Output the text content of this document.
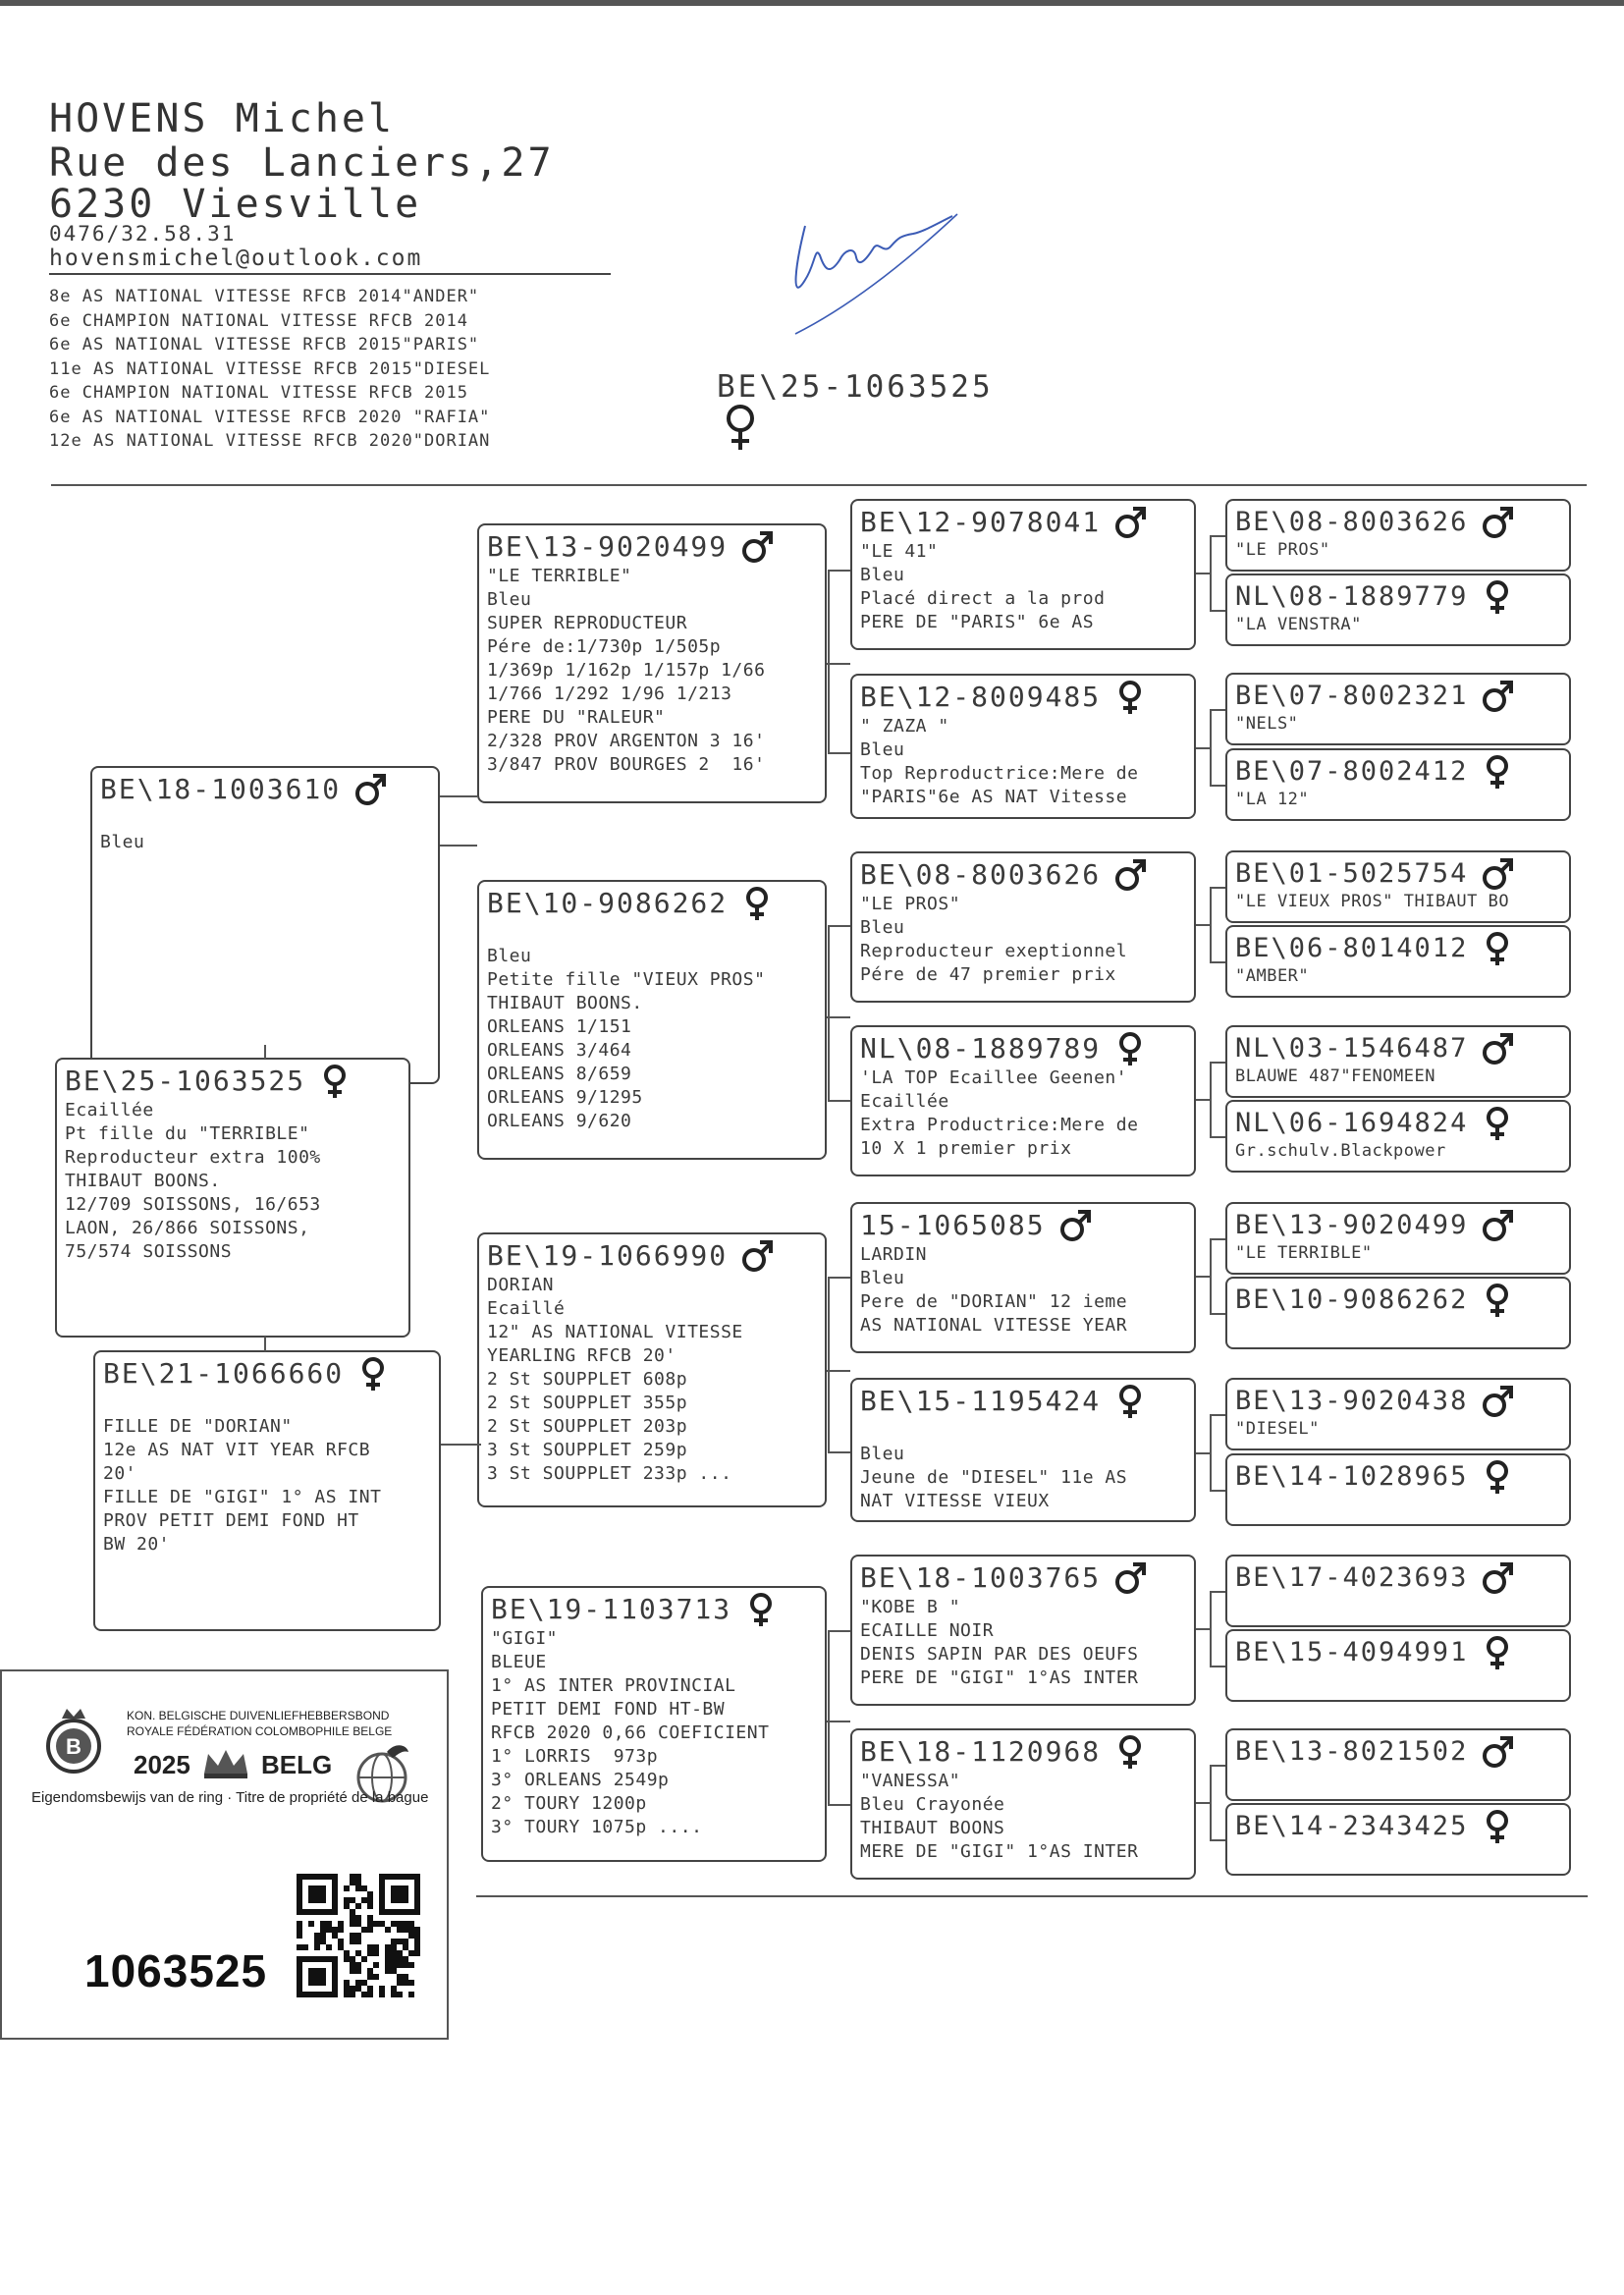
HOVENS Michel
Rue des Lanciers,27
6230 Viesville
0476/32.58.31
hovensmichel@outlook.com
8e AS NATIONAL VITESSE RFCB 2014"ANDER"
6e CHAMPION NATIONAL VITESSE RFCB 2014
6e AS NATIONAL VITESSE RFCB 2015"PARIS"
11e AS NATIONAL VITESSE RFCB 2015"DIESEL
6e CHAMPION NATIONAL VITESSE RFCB 2015
6e AS NATIONAL VITESSE RFCB 2020 "RAFIA"
12e AS NATIONAL VITESSE RFCB 2020"DORIAN
BE\25-1063525
BE\18-1003610

Bleu
BE\25-1063525
Ecaillée
Pt fille du "TERRIBLE"
Reproducteur extra 100%
THIBAUT BOONS.
12/709 SOISSONS, 16/653
LAON, 26/866 SOISSONS,
75/574 SOISSONS
BE\21-1066660

FILLE DE "DORIAN"
12e AS NAT VIT YEAR RFCB
20'
FILLE DE "GIGI" 1° AS INT
PROV PETIT DEMI FOND HT
BW 20'
BE\13-9020499
"LE TERRIBLE"
Bleu
SUPER REPRODUCTEUR
Pére de:1/730p 1/505p
1/369p 1/162p 1/157p 1/66
1/766 1/292 1/96 1/213
PERE DU "RALEUR"
2/328 PROV ARGENTON 3 16'
3/847 PROV BOURGES 2  16'
BE\10-9086262

Bleu
Petite fille "VIEUX PROS"
THIBAUT BOONS.
ORLEANS 1/151
ORLEANS 3/464
ORLEANS 8/659
ORLEANS 9/1295
ORLEANS 9/620
BE\19-1066990
DORIAN
Ecaillé
12" AS NATIONAL VITESSE
YEARLING RFCB 20'
2 St SOUPPLET 608p
2 St SOUPPLET 355p
2 St SOUPPLET 203p
3 St SOUPPLET 259p
3 St SOUPPLET 233p ...
BE\19-1103713
"GIGI"
BLEUE
1° AS INTER PROVINCIAL
PETIT DEMI FOND HT-BW
RFCB 2020 0,66 COEFICIENT
1° LORRIS  973p
3° ORLEANS 2549p
2° TOURY 1200p
3° TOURY 1075p ....
BE\12-9078041
"LE 41"
Bleu
Placé direct a la prod
PERE DE "PARIS" 6e AS
BE\12-8009485
" ZAZA "
Bleu
Top Reproductrice:Mere de
"PARIS"6e AS NAT Vitesse
BE\08-8003626
"LE PROS"
Bleu
Reproducteur exeptionnel
Pére de 47 premier prix
NL\08-1889789
'LA TOP Ecaillee Geenen'
Ecaillée
Extra Productrice:Mere de
10 X 1 premier prix
15-1065085
LARDIN
Bleu
Pere de "DORIAN" 12 ieme
AS NATIONAL VITESSE YEAR
BE\15-1195424

Bleu
Jeune de "DIESEL" 11e AS
NAT VITESSE VIEUX
BE\18-1003765
"KOBE B "
ECAILLE NOIR
DENIS SAPIN PAR DES OEUFS
PERE DE "GIGI" 1°AS INTER
BE\18-1120968
"VANESSA"
Bleu Crayonée
THIBAUT BOONS
MERE DE "GIGI" 1°AS INTER
BE\08-8003626
"LE PROS"
NL\08-1889779
"LA VENSTRA"
BE\07-8002321
"NELS"
BE\07-8002412
"LA 12"
BE\01-5025754
"LE VIEUX PROS" THIBAUT BO
BE\06-8014012
"AMBER"
NL\03-1546487
BLAUWE 487"FENOMEEN
NL\06-1694824
Gr.schulv.Blackpower
BE\13-9020499
"LE TERRIBLE"
BE\10-9086262
BE\13-9020438
"DIESEL"
BE\14-1028965
BE\17-4023693
BE\15-4094991
BE\13-8021502
BE\14-2343425
B
KON. BELGISCHE DUIVENLIEFHEBBERSBOND
ROYALE FÉDÉRATION COLOMBOPHILE BELGE
2025	BELG
Eigendomsbewijs van de ring · Titre de propriété de la bague
1063525
